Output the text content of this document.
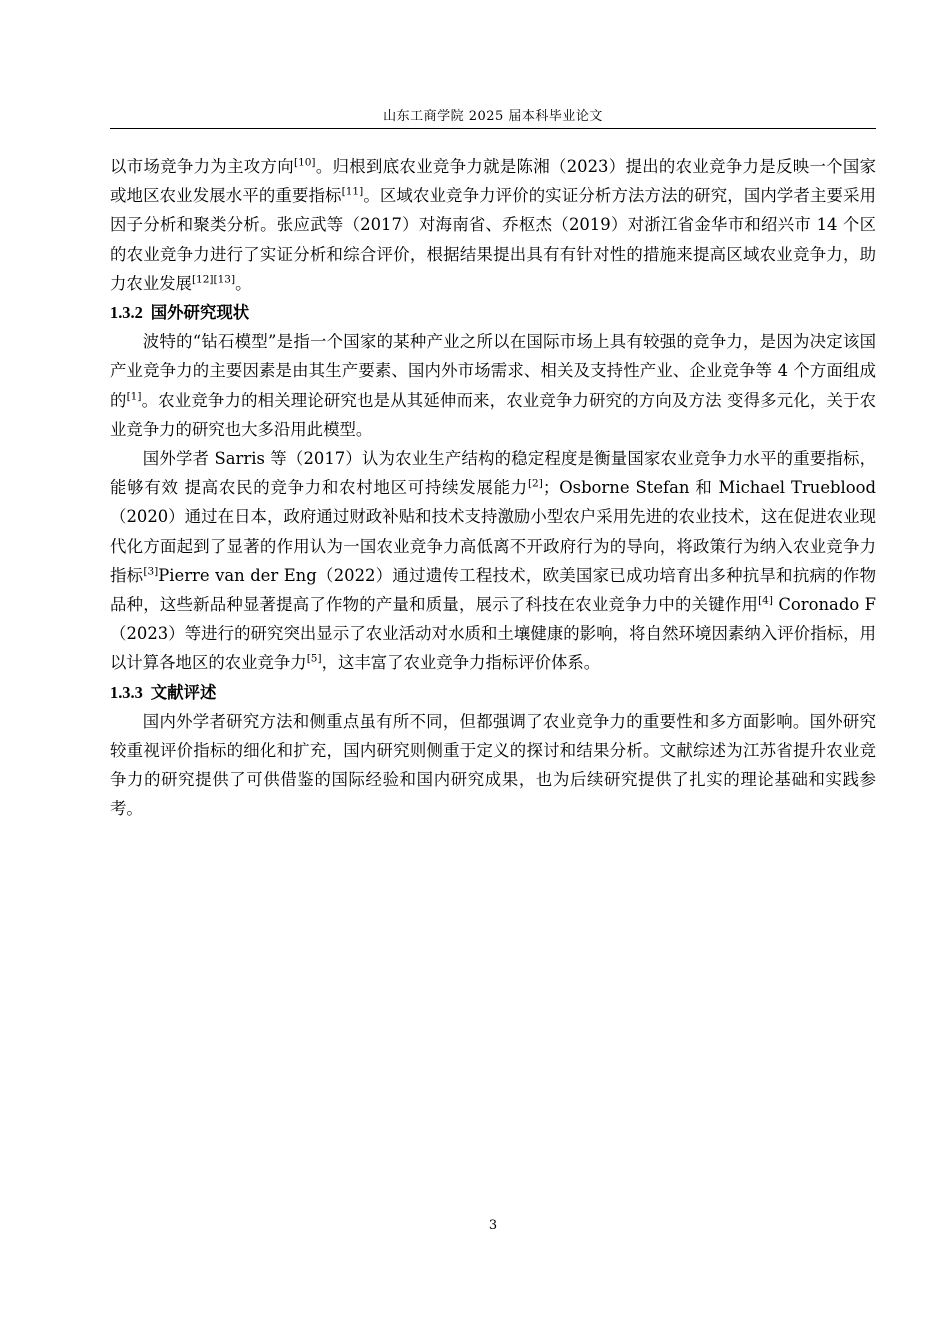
山东工商学院 2025 届本科毕业论文

以市场竞争力为主攻方向[10]。归根到底农业竞争力就是陈湘（2023）提出的农业竞争力是反映一个国家或地区农业发展水平的重要指标[11]。区域农业竞争力评价的实证分析方法方法的研究，国内学者主要采用因子分析和聚类分析。张应武等（2017）对海南省、乔枢杰（2019）对浙江省金华市和绍兴市 14 个区的农业竞争力进行了实证分析和综合评价，根据结果提出具有有针对性的措施来提高区域农业竞争力，助力农业发展[12][13]。

1.3.2 国外研究现状

波特的“钻石模型”是指一个国家的某种产业之所以在国际市场上具有较强的竞争力，是因为决定该国产业竞争力的主要因素是由其生产要素、国内外市场需求、相关及支持性产业、企业竞争等 4 个方面组成的[1]。农业竞争力的相关理论研究也是从其延伸而来，农业竞争力研究的方向及方法 变得多元化，关于农业竞争力的研究也大多沿用此模型。

国外学者 Sarris 等（2017）认为农业生产结构的稳定程度是衡量国家农业竞争力水平的重要指标，能够有效 提高农民的竞争力和农村地区可持续发展能力[2]；Osborne Stefan 和 Michael Trueblood（2020）通过在日本，政府通过财政补贴和技术支持激励小型农户采用先进的农业技术，这在促进农业现代化方面起到了显著的作用认为一国农业竞争力高低离不开政府行为的导向，将政策行为纳入农业竞争力指标[3]Pierre van der Eng（2022）通过遗传工程技术，欧美国家已成功培育出多种抗旱和抗病的作物品种，这些新品种显著提高了作物的产量和质量，展示了科技在农业竞争力中的关键作用[4] Coronado F（2023）等进行的研究突出显示了农业活动对水质和土壤健康的影响，将自然环境因素纳入评价指标，用以计算各地区的农业竞争力[5]，这丰富了农业竞争力指标评价体系。

1.3.3 文献评述

国内外学者研究方法和侧重点虽有所不同，但都强调了农业竞争力的重要性和多方面影响。国外研究较重视评价指标的细化和扩充，国内研究则侧重于定义的探讨和结果分析。文献综述为江苏省提升农业竞争力的研究提供了可供借鉴的国际经验和国内研究成果，也为后续研究提供了扎实的理论基础和实践参考。

3
